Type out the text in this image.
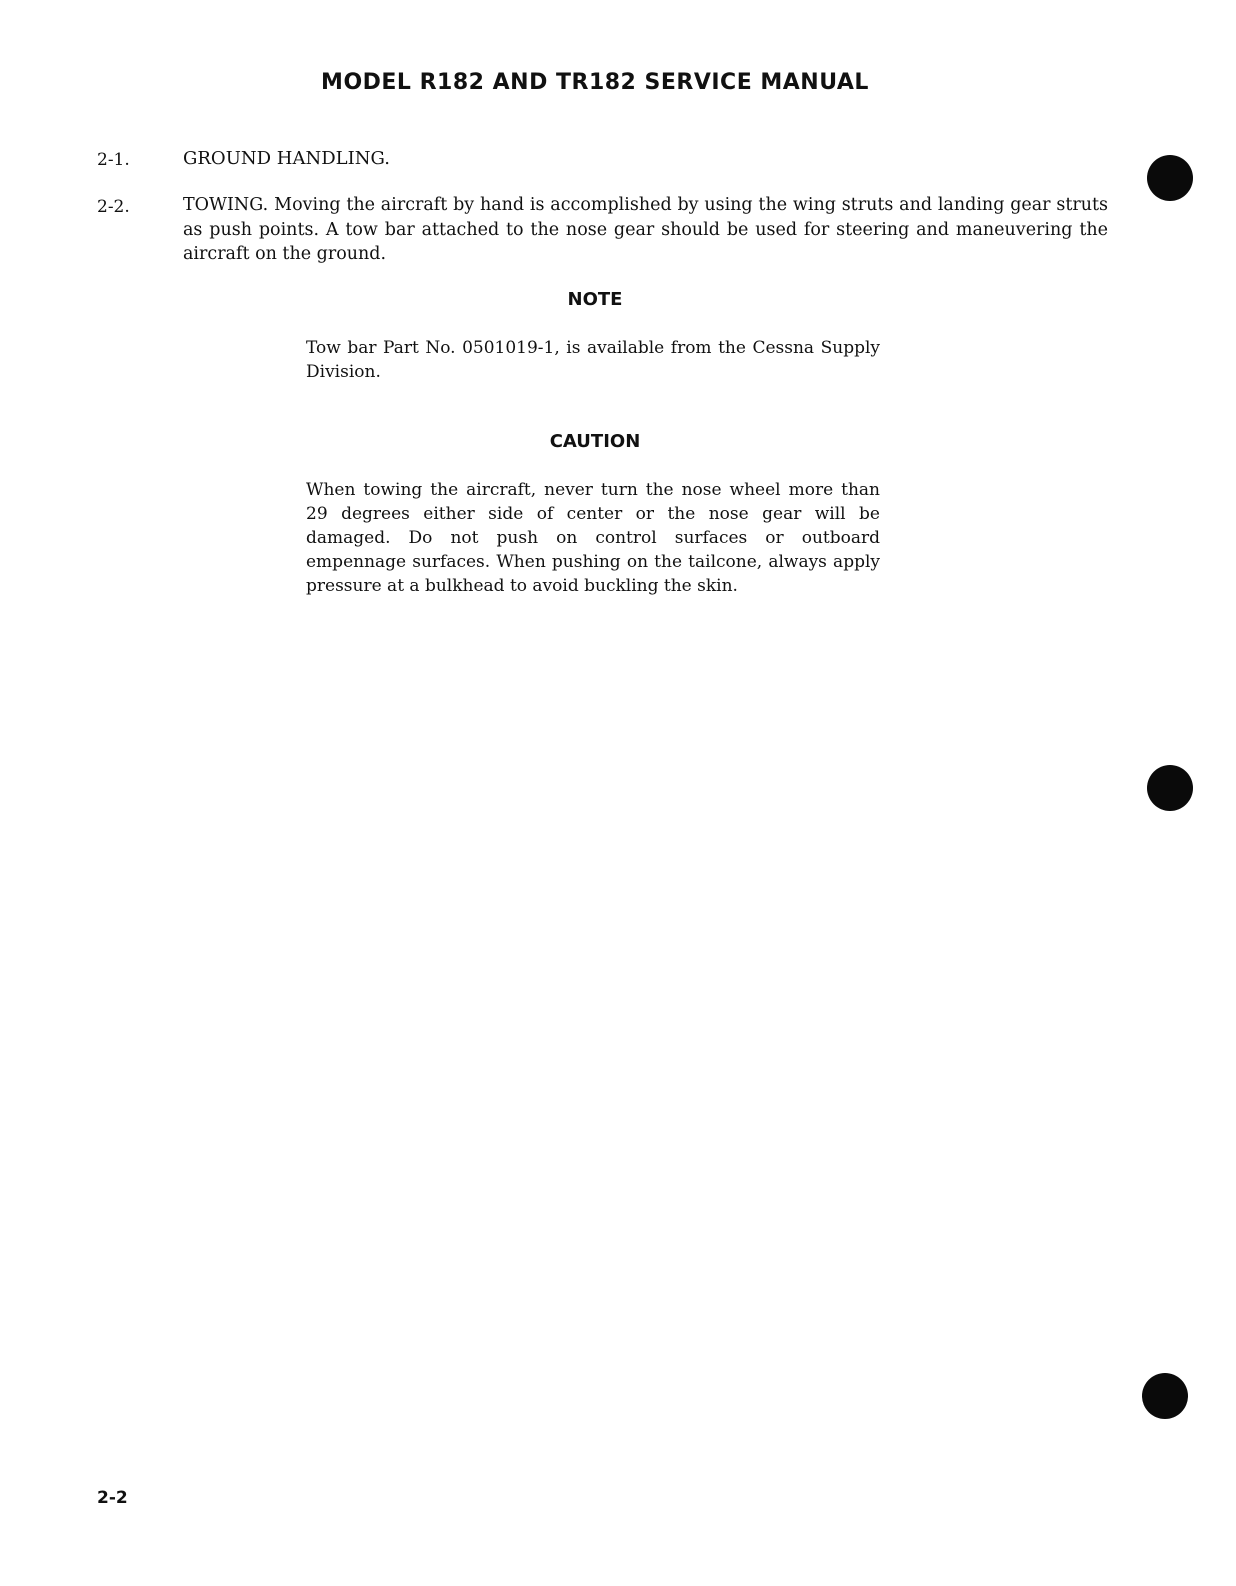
MODEL R182 AND TR182 SERVICE MANUAL
2-1.	GROUND HANDLING.
2-2.	TOWING. Moving the aircraft by hand is accomplished by using the wing struts and landing gear struts as push points. A tow bar attached to the nose gear should be used for steering and maneuvering the aircraft on the ground.
NOTE
Tow bar Part No. 0501019-1, is available from the Cessna Supply Division.
CAUTION
When towing the aircraft, never turn the nose wheel more than 29 degrees either side of center or the nose gear will be damaged. Do not push on control surfaces or outboard empennage surfaces. When pushing on the tailcone, always apply pressure at a bulkhead to avoid buckling the skin.
2-2
